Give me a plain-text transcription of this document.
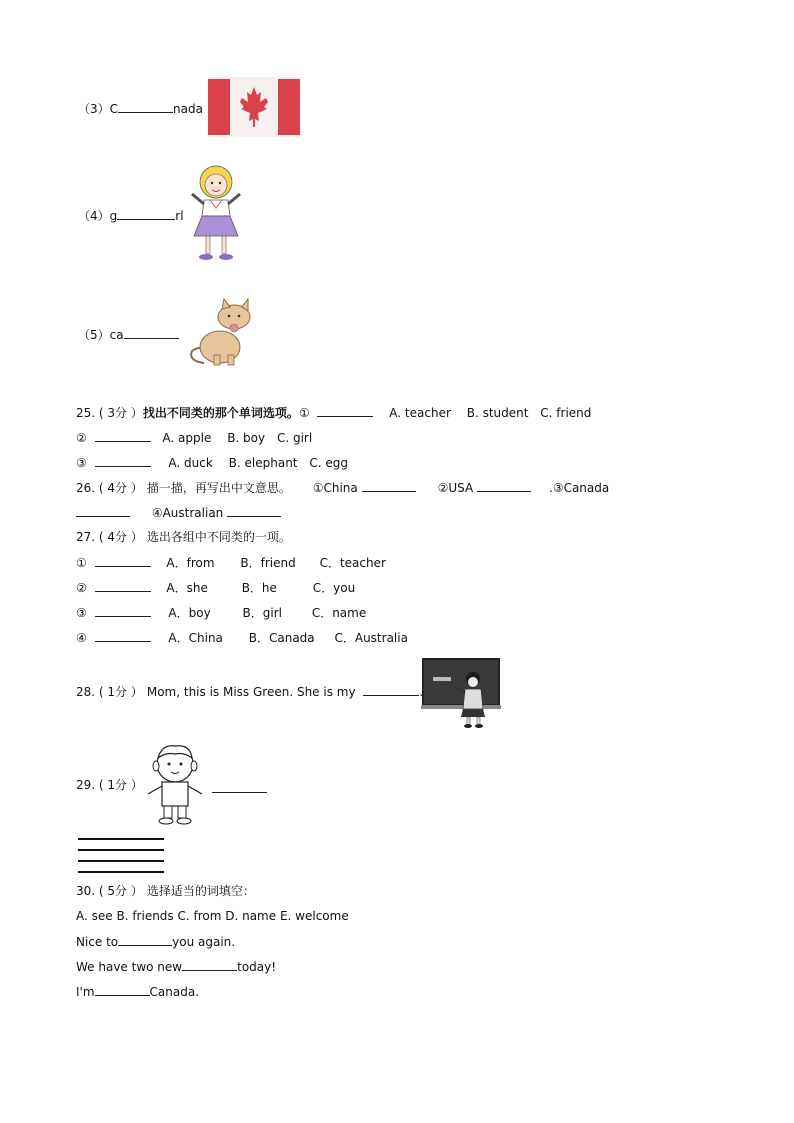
（3）C	nada
（4）g	rl
（5）ca
25. ( 3分 ）找出不同类的那个单词选项。①	A. teacher B. student C. friend
②	A. apple B. boy C. girl
③	A. duck B. elephant C. egg
26. ( 4分 ） 描一描，再写出中文意思。 ①China	②USA	.③Canada
④Australian
27. ( 4分 ） 选出各组中不同类的一项。
①	A．from B．friend C．teacher
②	A．she	B．he	C．you
③	A．boy	B．girl C．name
④	A．China B．Canada C．Australia
28. ( 1分 ） Mom, this is Miss Green. She is my	.
29. ( 1分 ）
30. ( 5分 ） 选择适当的词填空：
A. see B. friends C. from D. name E. welcome
Nice to	you again.
We have two new	today!
I'm	Canada.
